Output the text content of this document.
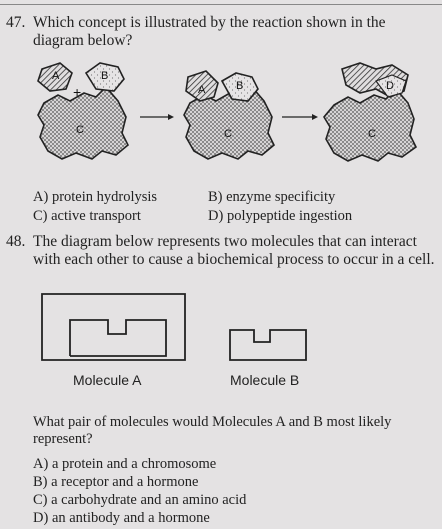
47. Which concept is illustrated by the reaction shown in the
diagram below?
A	B
+
C
A	B
C
D
C
A) protein hydrolysis	B) enzyme specificity
C) active transport	D) polypeptide ingestion
48. The diagram below represents two molecules that can interact
with each other to cause a biochemical process to occur in a cell.
Molecule A	Molecule B
What pair of molecules would Molecules A and B most likely
represent?
A) a protein and a chromosome
B) a receptor and a hormone
C) a carbohydrate and an amino acid
D) an antibody and a hormone
